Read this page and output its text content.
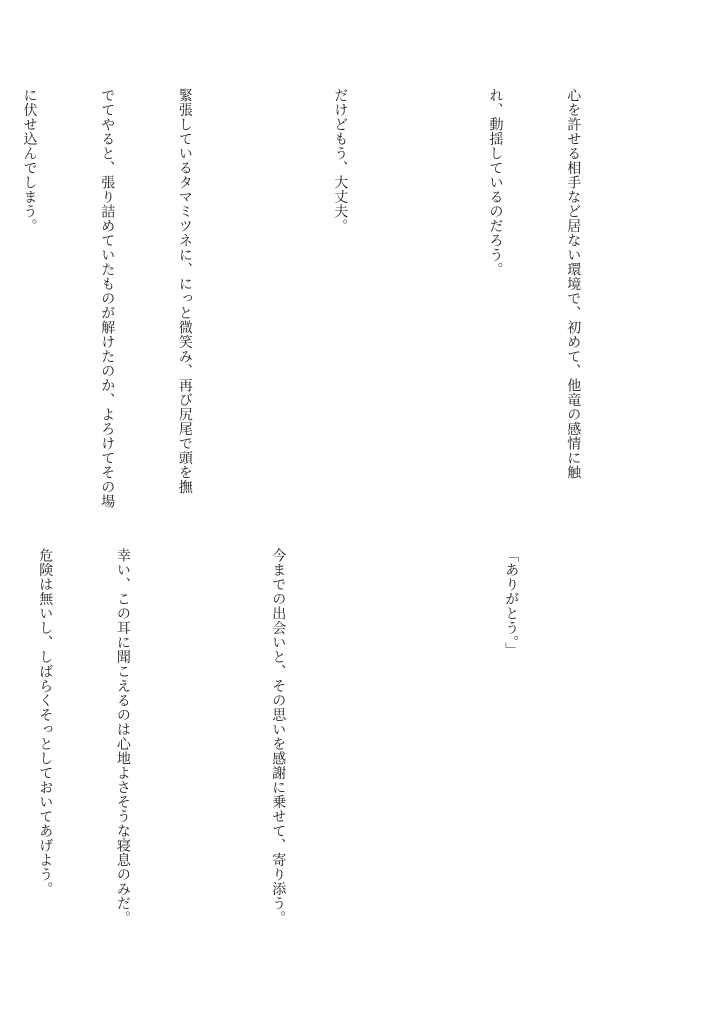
心を許せる相手など居ない環境で、初めて、他竜の感情に触

れ、動揺しているのだろう。

だけどもう、大丈夫。

緊張しているタマミツネに、にっと微笑み、再び尻尾で頭を撫

でてやると、張り詰めていたものが解けたのか、よろけてその場

に伏せ込んでしまう。

「ありがとう。」

今までの出会いと、その思いを感謝に乗せて、寄り添う。

幸い、この耳に聞こえるのは心地よさそうな寝息のみだ。

危険は無いし、しばらくそっとしておいてあげよう。
